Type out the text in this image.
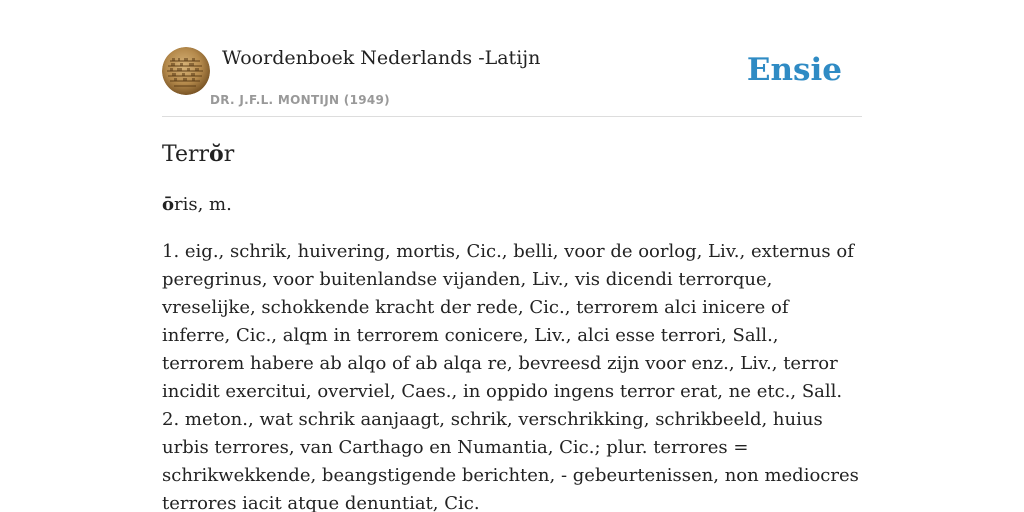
Woordenboek Nederlands -Latijn
DR. J.F.L. MONTIJN (1949)
Ensie
Terrŏr
ōris, m.

1. eig., schrik, huivering, mortis, Cic., belli, voor de oorlog, Liv., externus of peregrinus, voor buitenlandse vijanden, Liv., vis dicendi terrorque, vreselijke, schokkende kracht der rede, Cic., terrorem alci inicere of inferre, Cic., alqm in terrorem conicere, Liv., alci esse terrori, Sall., terrorem habere ab alqo of ab alqa re, bevreesd zijn voor enz., Liv., terror incidit exercitui, overviel, Caes., in oppido ingens terror erat, ne etc., Sall.

2. meton., wat schrik aanjaagt, schrik, verschrikking, schrikbeeld, huius urbis terrores, van Carthago en Numantia, Cic.; plur. terrores = schrikwekkende, beangstigende berichten, - gebeurtenissen, non mediocres terrores iacit atque denuntiat, Cic.
